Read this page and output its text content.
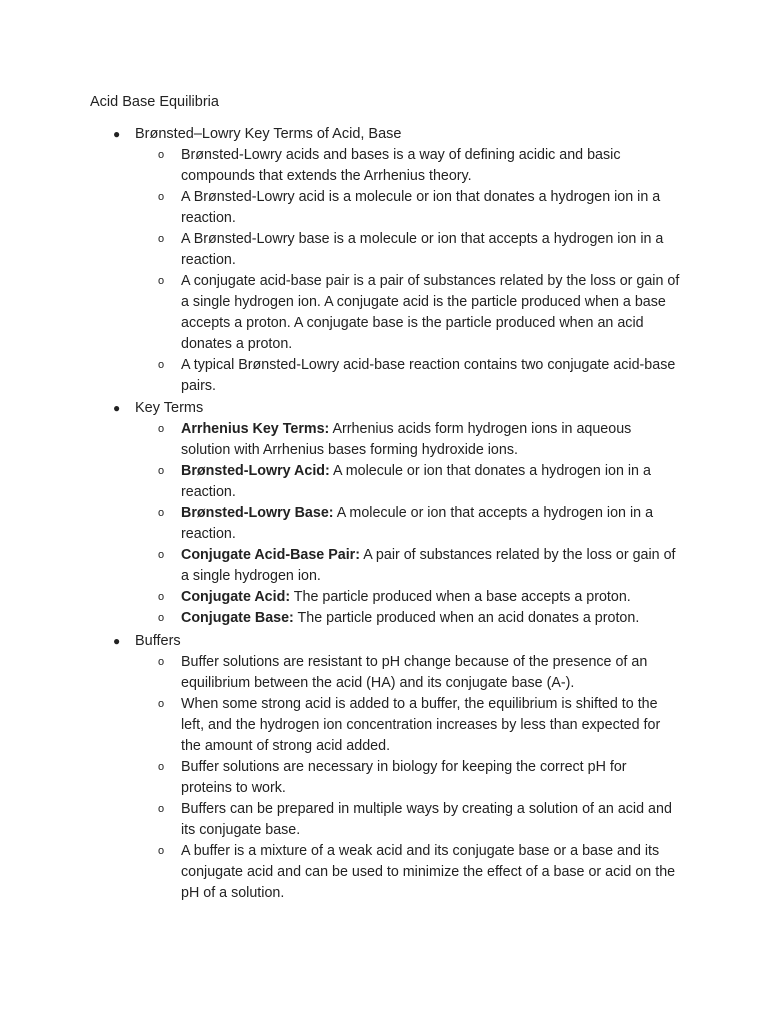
Acid Base Equilibria
● Brønsted–Lowry Key Terms of Acid, Base
o Brønsted-Lowry acids and bases is a way of defining acidic and basic compounds that extends the Arrhenius theory.
o A Brønsted-Lowry acid is a molecule or ion that donates a hydrogen ion in a reaction.
o A Brønsted-Lowry base is a molecule or ion that accepts a hydrogen ion in a reaction.
o A conjugate acid-base pair is a pair of substances related by the loss or gain of a single hydrogen ion. A conjugate acid is the particle produced when a base accepts a proton. A conjugate base is the particle produced when an acid donates a proton.
o A typical Brønsted-Lowry acid-base reaction contains two conjugate acid-base pairs.
● Key Terms
o Arrhenius Key Terms: Arrhenius acids form hydrogen ions in aqueous solution with Arrhenius bases forming hydroxide ions.
o Brønsted-Lowry Acid: A molecule or ion that donates a hydrogen ion in a reaction.
o Brønsted-Lowry Base: A molecule or ion that accepts a hydrogen ion in a reaction.
o Conjugate Acid-Base Pair: A pair of substances related by the loss or gain of a single hydrogen ion.
o Conjugate Acid: The particle produced when a base accepts a proton.
o Conjugate Base: The particle produced when an acid donates a proton.
● Buffers
o Buffer solutions are resistant to pH change because of the presence of an equilibrium between the acid (HA) and its conjugate base (A-).
o When some strong acid is added to a buffer, the equilibrium is shifted to the left, and the hydrogen ion concentration increases by less than expected for the amount of strong acid added.
o Buffer solutions are necessary in biology for keeping the correct pH for proteins to work.
o Buffers can be prepared in multiple ways by creating a solution of an acid and its conjugate base.
o A buffer is a mixture of a weak acid and its conjugate base or a base and its conjugate acid and can be used to minimize the effect of a base or acid on the pH of a solution.
